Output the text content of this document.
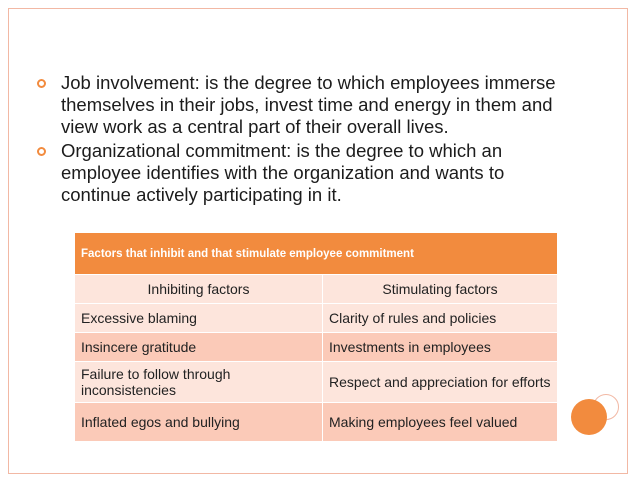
Job involvement: is the degree to which employees immerse themselves in their jobs, invest time and energy in them and view work as a central part of their overall lives.
Organizational commitment: is the degree to which an employee identifies with the organization and wants to continue actively participating in it.
Factors that inhibit and that stimulate employee commitment	
Inhibiting factors	Stimulating factors
Excessive blaming	Clarity of rules and policies
Insincere gratitude	Investments in employees
Failure to follow through inconsistencies	Respect and appreciation for efforts
Inflated egos and bullying	Making employees feel valued
